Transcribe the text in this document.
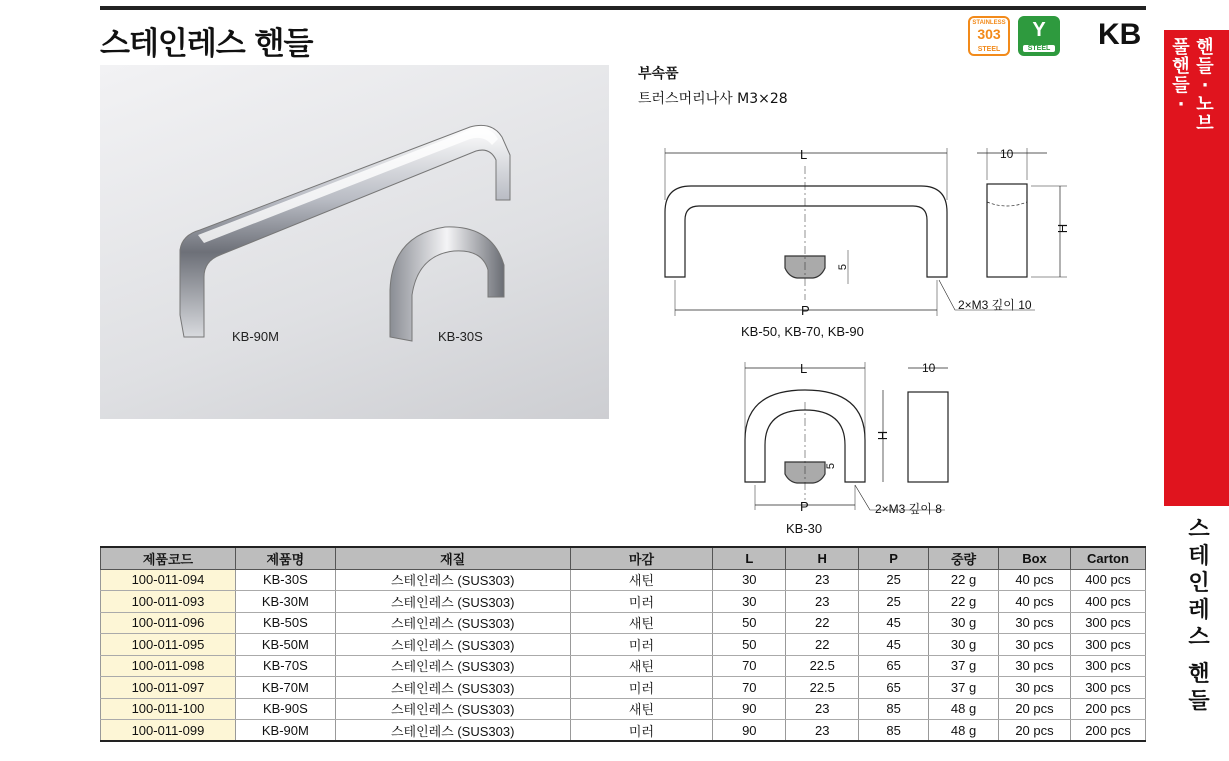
스테인레스 핸들
STAINLESS
303
STEEL
Y
STEEL KB
KB-90M	KB-30S
부속품
트러스머리나사 M3×28
L
P
H
5
10
2×M3 깊이 10
KB-50, KB-70, KB-90
L
P
H
5
10
2×M3 깊이 8
KB-30
풀
핸
들
·
핸
들
·
노
브
스
테
인
레
스
핸
들
제품코드	제품명	재질	마감	L	H	P	중량	Box	Carton
100-011-094	KB-30S	스테인레스 (SUS303)	새틴	30	23	25	22 g	40 pcs	400 pcs
100-011-093	KB-30M	스테인레스 (SUS303)	미러	30	23	25	22 g	40 pcs	400 pcs
100-011-096	KB-50S	스테인레스 (SUS303)	새틴	50	22	45	30 g	30 pcs	300 pcs
100-011-095	KB-50M	스테인레스 (SUS303)	미러	50	22	45	30 g	30 pcs	300 pcs
100-011-098	KB-70S	스테인레스 (SUS303)	새틴	70	22.5	65	37 g	30 pcs	300 pcs
100-011-097	KB-70M	스테인레스 (SUS303)	미러	70	22.5	65	37 g	30 pcs	300 pcs
100-011-100	KB-90S	스테인레스 (SUS303)	새틴	90	23	85	48 g	20 pcs	200 pcs
100-011-099	KB-90M	스테인레스 (SUS303)	미러	90	23	85	48 g	20 pcs	200 pcs
